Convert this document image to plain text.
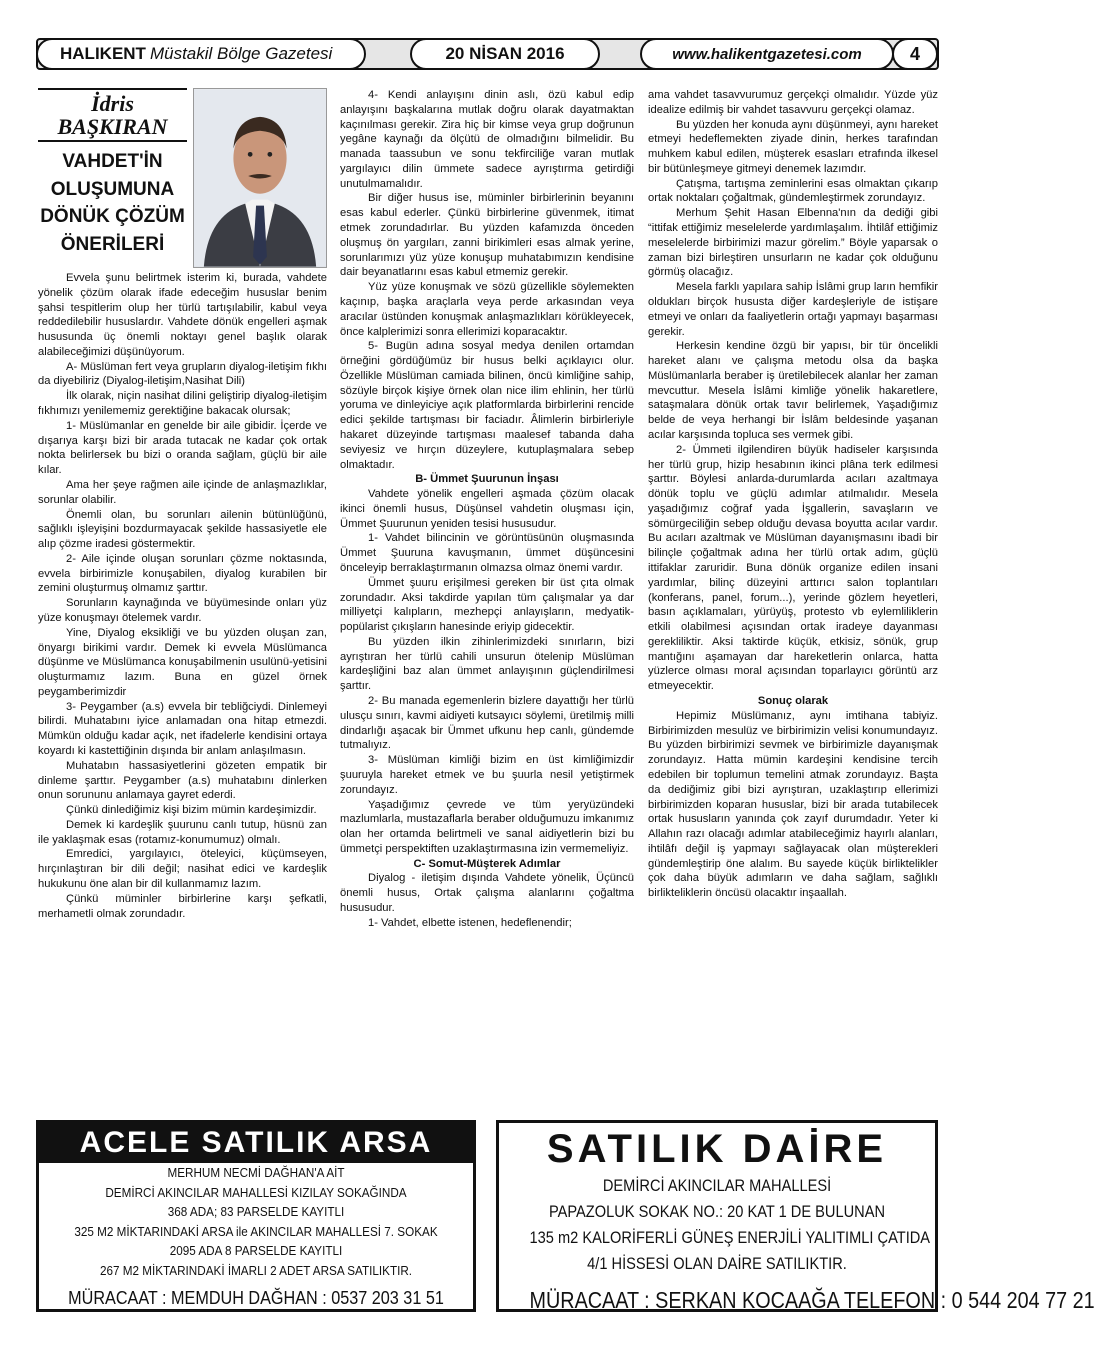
HALIKENT Müstakil Bölge Gazetesi	20 NİSAN 2016	www.halikentgazetesi.com	4
İdris
BAŞKIRAN
VAHDET'İN
OLUŞUMUNA
DÖNÜK ÇÖZÜM
ÖNERİLERİ

Evvela şunu belirtmek isterim ki, burada, vahdete yönelik çözüm olarak ifade edeceğim hususlar benim şahsi tespitlerim olup her türlü tartışılabilir, kabul veya reddedilebilir hususlardır. Vahdete dönük engelleri aşmak hususunda üç önemli noktayı genel başlık olarak alabileceğimizi düşünüyorum.

A- Müslüman fert veya grupların diyalog-iletişim fıkhı da diyebiliriz (Diyalog-iletişim,Nasihat Dili)

İlk olarak, niçin nasihat dilini geliştirip diyalog-iletişim fıkhımızı yenilememiz gerektiğine bakacak olursak;

1- Müslümanlar en genelde bir aile gibidir. İçerde ve dışarıya karşı bizi bir arada tutacak ne kadar çok ortak nokta belirlersek bu bizi o oranda sağlam, güçlü bir aile kılar.

Ama her şeye rağmen aile içinde de anlaşmazlıklar, sorunlar olabilir.

Önemli olan, bu sorunları ailenin bütünlüğünü, sağlıklı işleyişini bozdurmayacak şekilde hassasiyetle ele alıp çözme iradesi göstermektir.

2- Aile içinde oluşan sorunları çözme noktasında, evvela birbirimizle konuşabilen, diyalog kurabilen bir zemini oluşturmuş olmamız şarttır.

Sorunların kaynağında ve büyümesinde onları yüz yüze konuşmayı ötelemek vardır.

Yine, Diyalog eksikliği ve bu yüzden oluşan zan, önyargı birikimi vardır. Demek ki evvela Müslümanca düşünme ve Müslümanca konuşabilmenin usulünü-yetisini oluşturmamız lazım. Buna en güzel örnek peygamberimizdir

3- Peygamber (a.s) evvela bir tebliğciydi. Dinlemeyi bilirdi. Muhatabını iyice anlamadan ona hitap etmezdi. Mümkün olduğu kadar açık, net ifadelerle kendisini ortaya koyardı ki kastettiğinin dışında bir anlam anlaşılmasın.

Muhatabın hassasiyetlerini gözeten empatik bir dinleme şarttır. Peygamber (a.s) muhatabını dinlerken onun sorununu anlamaya gayret ederdi.

Çünkü dinlediğimiz kişi bizim mümin kardeşimizdir.

Demek ki kardeşlik şuurunu canlı tutup, hüsnü zan ile yaklaşmak esas (rotamız-konumumuz) olmalı.

Emredici, yargılayıcı, öteleyici, küçümseyen, hırçınlaştıran bir dili değil; nasihat edici ve kardeşlik hukukunu öne alan bir dil kullanmamız lazım.

Çünkü müminler birbirlerine karşı şefkatli, merhametli olmak zorundadır.

4- Kendi anlayışını dinin aslı, özü kabul edip anlayışını başkalarına mutlak doğru olarak dayatmaktan kaçınılması gerekir. Zira hiç bir kimse veya grup doğrunun yegâne kaynağı da ölçütü de olmadığını bilmelidir. Bu manada taassubun ve sonu tekfirciliğe varan mutlak yargılayıcı dilin ümmete sadece ayrıştırma getirdiği unutulmamalıdır.

Bir diğer husus ise, müminler birbirlerinin beyanını esas kabul ederler. Çünkü birbirlerine güvenmek, itimat etmek zorundadırlar. Bu yüzden kafamızda önceden oluşmuş ön yargıları, zanni birikimleri esas almak yerine, sorunlarımızı yüz yüze konuşup muhatabımızın kendisine dair beyanatlarını esas kabul etmemiz gerekir.

Yüz yüze konuşmak ve sözü güzellikle söylemekten kaçınıp, başka araçlarla veya perde arkasından veya aracılar üstünden konuşmak anlaşmazlıkları körükleyecek, önce kalplerimizi sonra ellerimizi koparacaktır.

5- Bugün adına sosyal medya denilen ortamdan örneğini gördüğümüz bir husus belki açıklayıcı olur. Özellikle Müslüman camiada bilinen, öncü kimliğine sahip, sözüyle birçok kişiye örnek olan nice ilim ehlinin, her türlü yoruma ve dinleyiciye açık platformlarda birbirlerini rencide edici şekilde tartışması bir faciadır. Âlimlerin birbirleriyle hakaret düzeyinde tartışması maalesef tabanda daha seviyesiz ve hırçın düzeylere, kutuplaşmalara sebep olmaktadır.

B- Ümmet Şuurunun İnşası

Vahdete yönelik engelleri aşmada çözüm olacak ikinci önemli husus, Düşünsel vahdetin oluşması için, Ümmet Şuurunun yeniden tesisi hususudur.

1- Vahdet bilincinin ve görüntüsünün oluşmasında Ümmet Şuuruna kavuşmanın, ümmet düşüncesini önceleyip berraklaştırmanın olmazsa olmaz önemi vardır.

Ümmet şuuru erişilmesi gereken bir üst çıta olmak zorundadır. Aksi takdirde yapılan tüm çalışmalar ya dar milliyetçi kalıpların, mezhepçi anlayışların, medyatik-popülarist çıkışların hanesinde eriyip gidecektir.

Bu yüzden ilkin zihinlerimizdeki sınırların, bizi ayrıştıran her türlü cahili unsurun ötelenip Müslüman kardeşliğini baz alan ümmet anlayışının güçlendirilmesi şarttır.

2- Bu manada egemenlerin bizlere dayattığı her türlü ulusçu sınırı, kavmi aidiyeti kutsayıcı söylemi, üretilmiş milli dindarlığı aşacak bir Ümmet ufkunu hep canlı, gündemde tutmalıyız.

3- Müslüman kimliği bizim en üst kimliğimizdir şuuruyla hareket etmek ve bu şuurla nesil yetiştirmek zorundayız.

Yaşadığımız çevrede ve tüm yeryüzündeki mazlumlarla, mustazaflarla beraber olduğumuzu imkanımız olan her ortamda belirtmeli ve sanal aidiyetlerin bizi bu ümmetçi perspektiften uzaklaştırmasına izin vermemeliyiz.

C- Somut-Müşterek Adımlar

Diyalog - iletişim dışında Vahdete yönelik, Üçüncü önemli husus, Ortak çalışma alanlarını çoğaltma hususudur.

1- Vahdet, elbette istenen, hedeflenendir;

ama vahdet tasavvurumuz gerçekçi olmalıdır. Yüzde yüz idealize edilmiş bir vahdet tasavvuru gerçekçi olamaz.

Bu yüzden her konuda aynı düşünmeyi, aynı hareket etmeyi hedeflemekten ziyade dinin, herkes tarafından muhkem kabul edilen, müşterek esasları etrafında ilkesel bir bütünleşmeye gitmeyi denemek lazımdır.

Çatışma, tartışma zeminlerini esas olmaktan çıkarıp ortak noktaları çoğaltmak, gündemleştirmek zorundayız.

Merhum Şehit Hasan Elbenna'nın da dediği gibi “ittifak ettiğimiz meselelerde yardımlaşalım. İhtilâf ettiğimiz meselelerde birbirimizi mazur görelim.” Böyle yaparsak o zaman bizi birleştiren unsurların ne kadar çok olduğunu görmüş olacağız.

Mesela farklı yapılara sahip İslâmi grup ların hemfikir oldukları birçok hususta diğer kardeşleriyle de istişare etmeyi ve onları da faaliyetlerin ortağı yapmayı başarması gerekir.

Herkesin kendine özgü bir yapısı, bir tür öncelikli hareket alanı ve çalışma metodu olsa da başka Müslümanlarla beraber iş üretilebilecek alanlar her zaman mevcuttur. Mesela İslâmi kimliğe yönelik hakaretlere, sataşmalara dönük ortak tavır belirlemek, Yaşadığımız belde de veya herhangi bir İslâm beldesinde yaşanan acılar karşısında topluca ses vermek gibi.

2- Ümmeti ilgilendiren büyük hadiseler karşısında her türlü grup, hizip hesabının ikinci plâna terk edilmesi şarttır. Böylesi anlarda-durumlarda acıları azaltmaya dönük toplu ve güçlü adımlar atılmalıdır. Mesela yaşadığımız coğraf yada İşgallerin, savaşların ve sömürgeciliğin sebep olduğu devasa boyutta acılar vardır. Bu acıları azaltmak ve Müslüman dayanışmasını ibadi bir bilinçle çoğaltmak adına her türlü ortak adım, güçlü ittifaklar zaruridir. Buna dönük organize edilen insani yardımlar, bilinç düzeyini arttırıcı salon toplantıları (konferans, panel, forum...), yerinde gözlem heyetleri, basın açıklamaları, yürüyüş, protesto vb eylemliliklerin etkili olabilmesi açısından ortak iradeye dayanması gerekliliktir. Aksi taktirde küçük, etkisiz, sönük, grup mantığını aşamayan dar hareketlerin onlarca, hatta yüzlerce olması moral açısından toparlayıcı görüntü arz etmeyecektir.

Sonuç olarak

Hepimiz Müslümanız, aynı imtihana tabiyiz. Birbirimizden mesulüz ve birbirimizin velisi konumundayız. Bu yüzden birbirimizi sevmek ve birbirimizle dayanışmak zorundayız. Hatta mümin kardeşini kendisine tercih edebilen bir toplumun temelini atmak zorundayız. Başta da dediğimiz gibi bizi ayrıştıran, uzaklaştırıp ellerimizi birbirimizden koparan hususlar, bizi bir arada tutabilecek ortak hususların yanında çok zayıf durumdadır. Yeter ki Allahın razı olacağı adımlar atabileceğimiz hayırlı alanları, ihtilâfı değil iş yapmayı sağlayacak olan müşterekleri gündemleştirip öne alalım. Bu sayede küçük birliktelikler çok daha büyük adımların ve daha sağlam, sağlıklı birlikteliklerin öncüsü olacaktır inşaallah.

ACELE SATILIK ARSA
MERHUM NECMİ DAĞHAN'A AİT
DEMİRCİ AKINCILAR MAHALLESİ KIZILAY SOKAĞINDA
368 ADA; 83 PARSELDE KAYITLI
325 M2 MİKTARINDAKİ ARSA ile AKINCILAR MAHALLESİ 7. SOKAK
2095 ADA 8 PARSELDE KAYITLI
267 M2 MİKTARINDAKİ İMARLI 2 ADET ARSA SATILIKTIR.
MÜRACAAT : MEMDUH DAĞHAN : 0537 203 31 51
SATILIK DAİRE
DEMİRCİ AKINCILAR MAHALLESİ
PAPAZOLUK SOKAK NO.: 20 KAT 1 DE BULUNAN
135 m2 KALORİFERLİ GÜNEŞ ENERJİLİ YALITIMLI ÇATIDA
4/1 HİSSESİ OLAN DAİRE SATILIKTIR.
MÜRACAAT : SERKAN KOCAAĞA TELEFON : 0 544 204 77 21
